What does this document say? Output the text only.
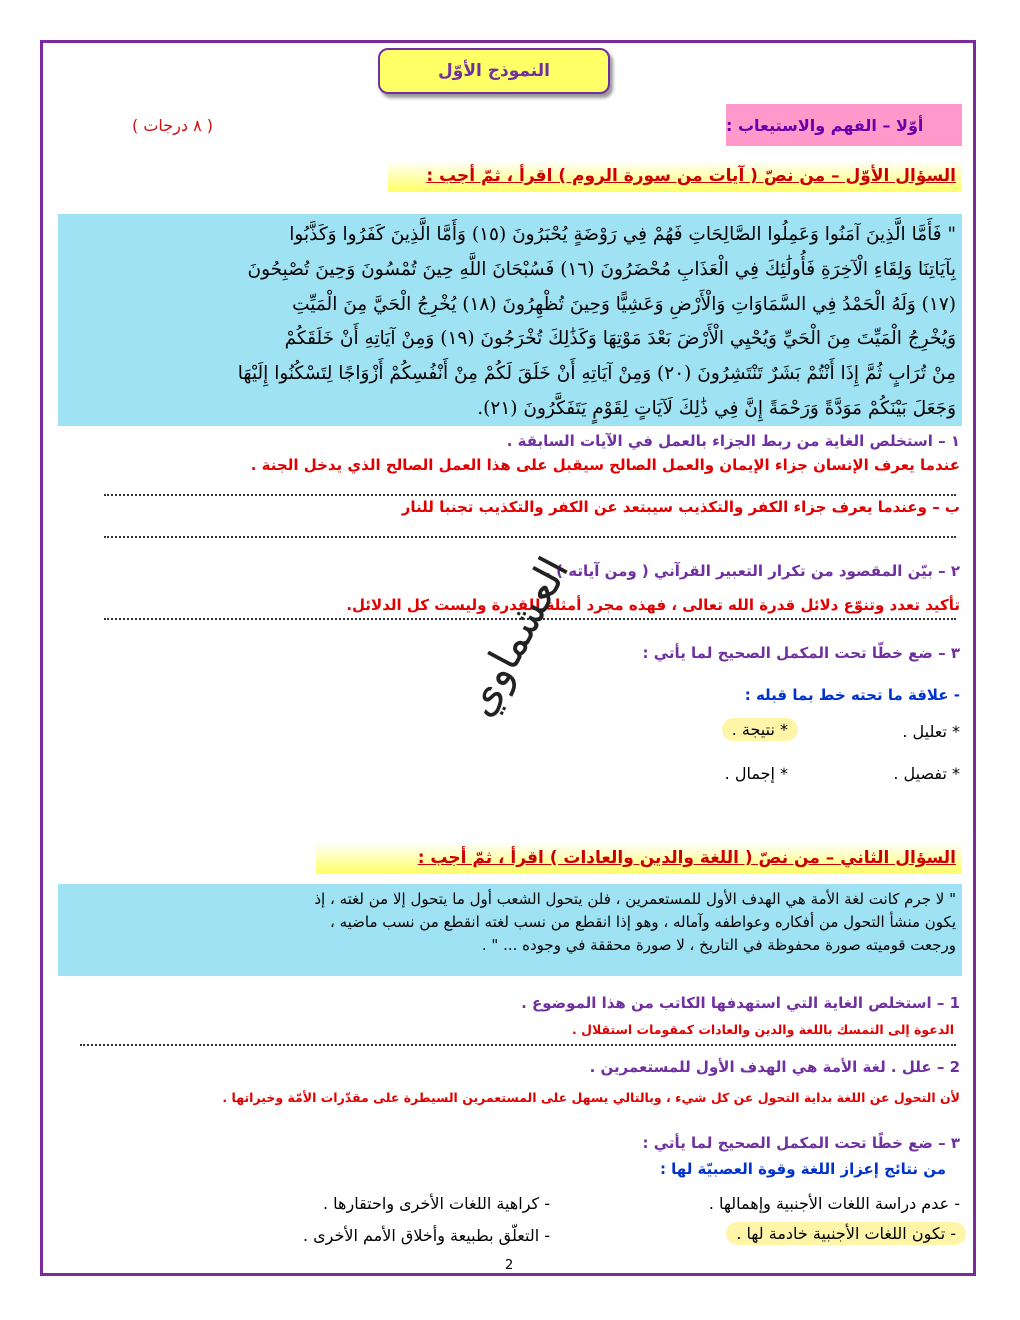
النموذج الأوّل
أوّلا – الفهم والاستيعاب :
( ٨ درجات )
السؤال الأوّل – من نصّ ( آيات من سورة الروم ) اقرأ ، ثمّ أجب :
" فَأَمَّا الَّذِينَ آمَنُوا وَعَمِلُوا الصَّالِحَاتِ فَهُمْ فِي رَوْضَةٍ يُحْبَرُونَ (١٥) وَأَمَّا الَّذِينَ كَفَرُوا وَكَذَّبُوا
بِآيَاتِنَا وَلِقَاءِ الْآخِرَةِ فَأُولَٰئِكَ فِي الْعَذَابِ مُحْضَرُونَ (١٦) فَسُبْحَانَ اللَّهِ حِينَ تُمْسُونَ وَحِينَ تُصْبِحُونَ
(١٧) وَلَهُ الْحَمْدُ فِي السَّمَاوَاتِ وَالْأَرْضِ وَعَشِيًّا وَحِينَ تُظْهِرُونَ (١٨) يُخْرِجُ الْحَيَّ مِنَ الْمَيِّتِ
وَيُخْرِجُ الْمَيِّتَ مِنَ الْحَيِّ وَيُحْيِي الْأَرْضَ بَعْدَ مَوْتِهَا وَكَذَٰلِكَ تُخْرَجُونَ (١٩) وَمِنْ آيَاتِهِ أَنْ خَلَقَكُمْ
مِنْ تُرَابٍ ثُمَّ إِذَا أَنْتُمْ بَشَرٌ تَنْتَشِرُونَ (٢٠) وَمِنْ آيَاتِهِ أَنْ خَلَقَ لَكُمْ مِنْ أَنْفُسِكُمْ أَزْوَاجًا لِتَسْكُنُوا إِلَيْهَا
وَجَعَلَ بَيْنَكُمْ مَوَدَّةً وَرَحْمَةً إِنَّ فِي ذَٰلِكَ لَآيَاتٍ لِقَوْمٍ يَتَفَكَّرُونَ (٢١).
١ – استخلص الغاية من ربط الجزاء بالعمل في الآيات السابقة .
عندما يعرف الإنسان جزاء الإيمان والعمل الصالح سيقبل على هذا العمل الصالح الذي يدخل الجنة .
ب – وعندما يعرف جزاء الكفر والتكذيب سيبتعد عن الكفر والتكذيب تجنبا للنار
٢ – بيّن المقصود من تكرار التعبير القرآني ( ومن آياته ) .
تأكيد تعدد وتنوّع دلائل قدرة الله تعالى ، فهذه مجرد أمثلة للقدرة وليست كل الدلائل.
٣ – ضع خطّا تحت المكمل الصحيح لما يأتي :
- علاقة ما تحته خط بما قبله :
* تعليل .
* نتيجة .
* تفصيل .
* إجمال .
العشماوي
السؤال الثاني – من نصّ ( اللغة والدين والعادات ) اقرأ ، ثمّ أجب :
" لا جرم كانت لغة الأمة هي الهدف الأول للمستعمرين ، فلن يتحول الشعب أول ما يتحول إلا من لغته ، إذ
يكون منشأ التحول من أفكاره وعواطفه وآماله ، وهو إذا انقطع من نسب لغته انقطع من نسب ماضيه ،
ورجعت قوميته صورة محفوظة في التاريخ ، لا صورة محققة في وجوده ... " .
1 – استخلص الغاية التي استهدفها الكاتب من هذا الموضوع .
الدعوة إلى التمسك باللغة والدين والعادات كمقومات استقلال .
2 – علل . لغة الأمة هي الهدف الأول للمستعمرين .
لأن التحول عن اللغة بداية التحول عن كل شيء ، وبالتالي يسهل على المستعمرين السيطرة على مقدّرات الأمّة وخيراتها .
٣ – ضع خطًا تحت المكمل الصحيح لما يأتي :
من نتائج إعزاز اللغة وقوة العصبيّة لها :
- عدم دراسة اللغات الأجنبية وإهمالها .
- كراهية اللغات الأخرى واحتقارها .
- تكون اللغات الأجنبية خادمة لها .
- التعلّق بطبيعة وأخلاق الأمم الأخرى .
2
